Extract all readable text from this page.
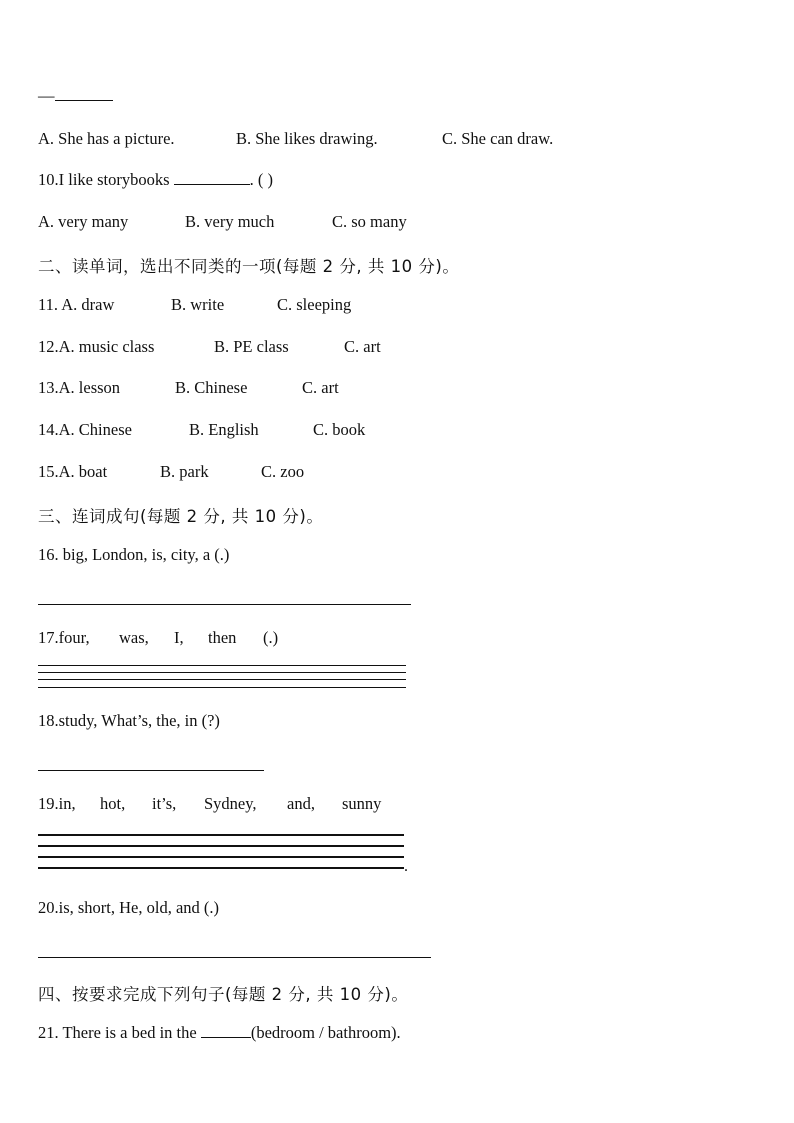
—
A. She has a picture.	B. She likes drawing.	C. She can draw.
10.I like storybooks	. ( )
A. very many	B. very much	C. so many
二、读单词，选出不同类的一项(每题 2 分, 共 10 分)。
11. A. draw	B. write	C. sleeping
12.A. music class	B. PE class	C. art
13.A. lesson	B. Chinese	C. art
14.A. Chinese	B. English	C. book
15.A. boat	B. park	C. zoo
三、连词成句(每题 2 分, 共 10 分)。
16. big, London, is, city, a (.)
17.four, was, I, then (.)
18.study, What’s, the, in (?)
19.in, hot, it’s, Sydney, and, sunny
.
20.is, short, He, old, and (.)
四、按要求完成下列句子(每题 2 分, 共 10 分)。
21. There is a bed in the	(bedroom / bathroom).
